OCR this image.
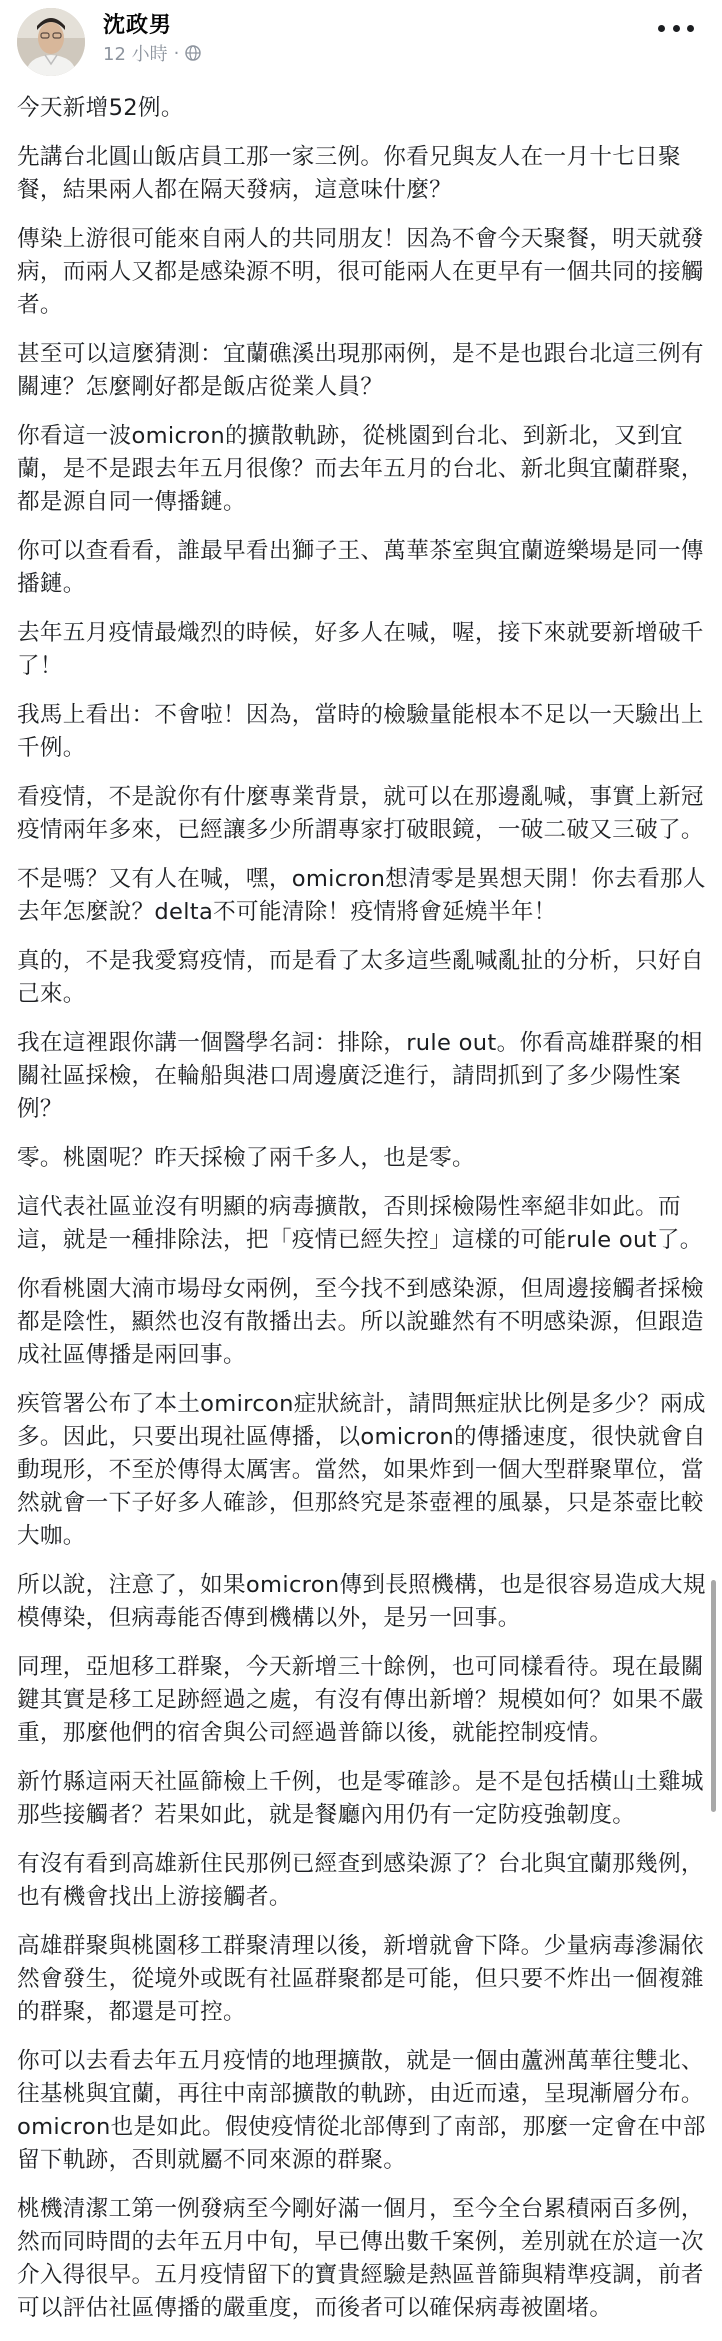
沈政男
12 小時 ·

今天新增52例。

先講台北圓山飯店員工那一家三例。你看兄與友人在一月十七日聚餐，結果兩人都在隔天發病，這意味什麼？

傳染上游很可能來自兩人的共同朋友！因為不會今天聚餐，明天就發病，而兩人又都是感染源不明，很可能兩人在更早有一個共同的接觸者。

甚至可以這麼猜測：宜蘭礁溪出現那兩例，是不是也跟台北這三例有關連？怎麼剛好都是飯店從業人員？

你看這一波omicron的擴散軌跡，從桃園到台北、到新北，又到宜蘭，是不是跟去年五月很像？而去年五月的台北、新北與宜蘭群聚，都是源自同一傳播鏈。

你可以查看看，誰最早看出獅子王、萬華茶室與宜蘭遊樂場是同一傳播鏈。

去年五月疫情最熾烈的時候，好多人在喊，喔，接下來就要新增破千了！

我馬上看出：不會啦！因為，當時的檢驗量能根本不足以一天驗出上千例。

看疫情，不是說你有什麼專業背景，就可以在那邊亂喊，事實上新冠疫情兩年多來，已經讓多少所謂專家打破眼鏡，一破二破又三破了。

不是嗎？又有人在喊，嘿，omicron想清零是異想天開！你去看那人去年怎麼說？delta不可能清除！疫情將會延燒半年！

真的，不是我愛寫疫情，而是看了太多這些亂喊亂扯的分析，只好自己來。

我在這裡跟你講一個醫學名詞：排除，rule out。你看高雄群聚的相關社區採檢，在輪船與港口周邊廣泛進行，請問抓到了多少陽性案例？

零。桃園呢？昨天採檢了兩千多人，也是零。

這代表社區並沒有明顯的病毒擴散，否則採檢陽性率絕非如此。而這，就是一種排除法，把「疫情已經失控」這樣的可能rule out了。

你看桃園大湳市場母女兩例，至今找不到感染源，但周邊接觸者採檢都是陰性，顯然也沒有散播出去。所以說雖然有不明感染源，但跟造成社區傳播是兩回事。

疾管署公布了本土omircon症狀統計，請問無症狀比例是多少？兩成多。因此，只要出現社區傳播，以omicron的傳播速度，很快就會自動現形，不至於傳得太厲害。當然，如果炸到一個大型群聚單位，當然就會一下子好多人確診，但那終究是茶壺裡的風暴，只是茶壺比較大咖。

所以說，注意了，如果omicron傳到長照機構，也是很容易造成大規模傳染，但病毒能否傳到機構以外，是另一回事。

同理，亞旭移工群聚，今天新增三十餘例，也可同樣看待。現在最關鍵其實是移工足跡經過之處，有沒有傳出新增？規模如何？如果不嚴重，那麼他們的宿舍與公司經過普篩以後，就能控制疫情。

新竹縣這兩天社區篩檢上千例，也是零確診。是不是包括橫山土雞城那些接觸者？若果如此，就是餐廳內用仍有一定防疫強韌度。

有沒有看到高雄新住民那例已經查到感染源了？台北與宜蘭那幾例，也有機會找出上游接觸者。

高雄群聚與桃園移工群聚清理以後，新增就會下降。少量病毒滲漏依然會發生，從境外或既有社區群聚都是可能，但只要不炸出一個複雜的群聚，都還是可控。

你可以去看去年五月疫情的地理擴散，就是一個由蘆洲萬華往雙北、往基桃與宜蘭，再往中南部擴散的軌跡，由近而遠，呈現漸層分布。omicron也是如此。假使疫情從北部傳到了南部，那麼一定會在中部留下軌跡，否則就屬不同來源的群聚。

桃機清潔工第一例發病至今剛好滿一個月，至今全台累積兩百多例，然而同時間的去年五月中旬，早已傳出數千案例，差別就在於這一次介入得很早。五月疫情留下的寶貴經驗是熱區普篩與精準疫調，前者可以評估社區傳播的嚴重度，而後者可以確保病毒被圍堵。
